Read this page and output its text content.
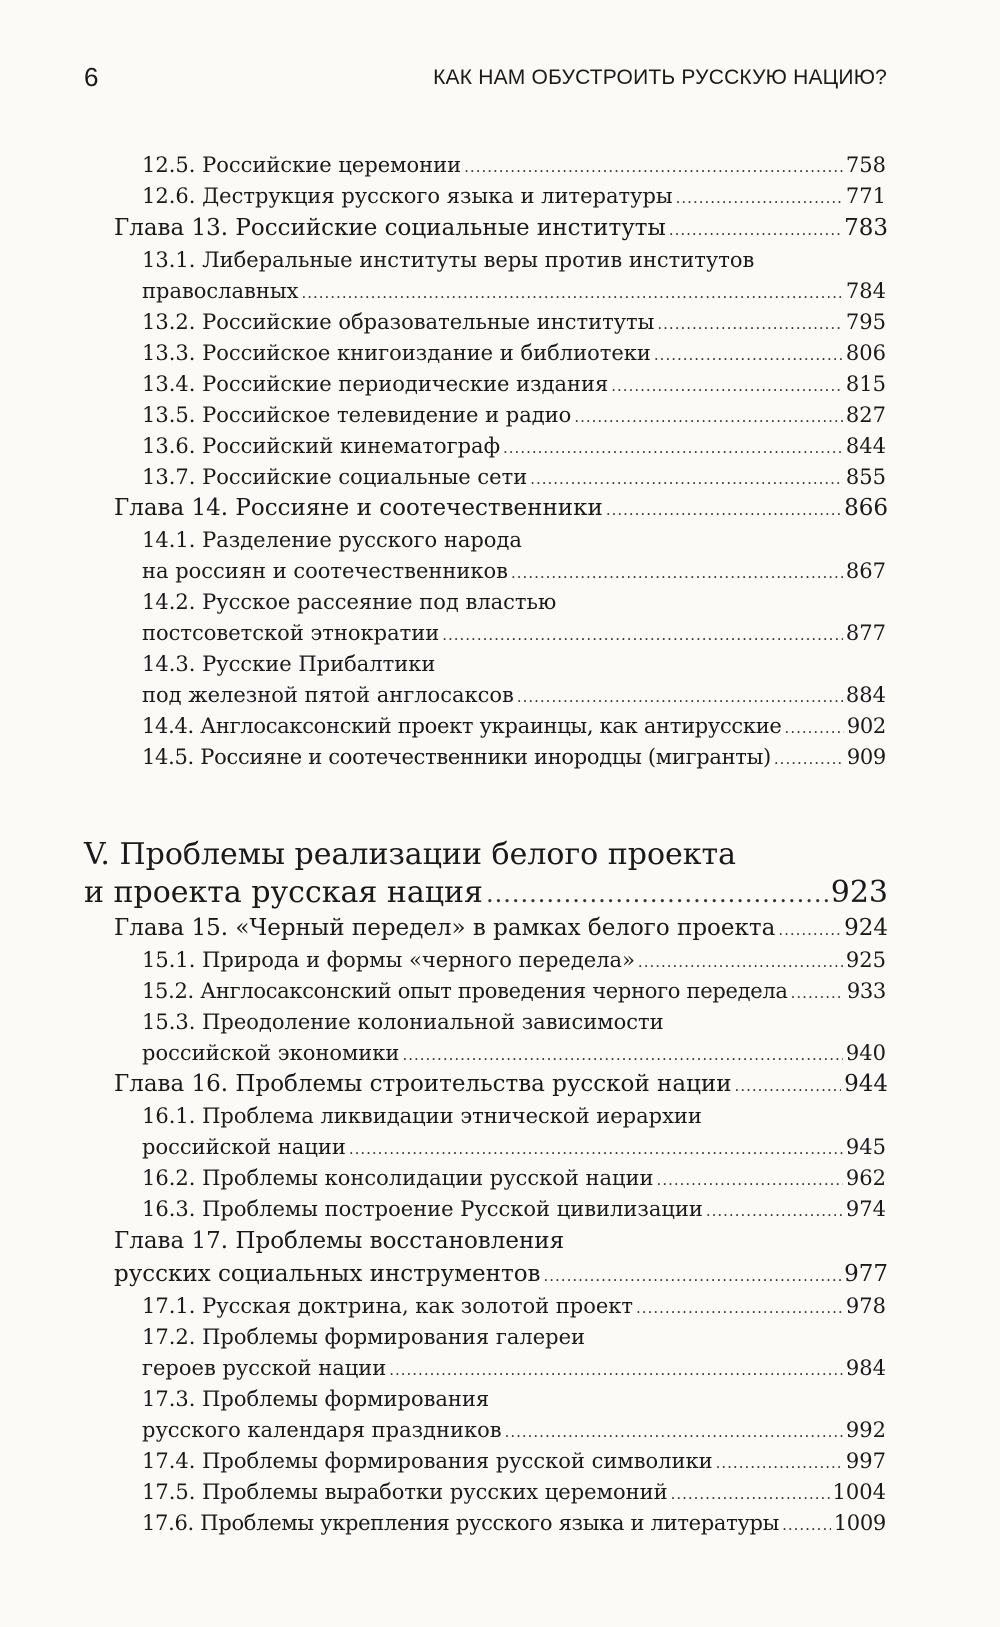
6	КАК НАМ ОБУСТРОИТЬ РУССКУЮ НАЦИЮ?
12.5. Российские церемонии .....	758
12.6. Деструкция русского языка и литературы .....	771
Глава 13. Российские социальные институты .....	783
13.1. Либеральные институты веры против институтов
православных .....	784
13.2. Российские образовательные институты .....	795
13.3. Российское книгоиздание и библиотеки .....	806
13.4. Российские периодические издания .....	815
13.5. Российское телевидение и радио .....	827
13.6. Российский кинематограф .....	844
13.7. Российские социальные сети .....	855
Глава 14. Россияне и соотечественники .....	866
14.1. Разделение русского народа
на россиян и соотечественников .....	867
14.2. Русское рассеяние под властью
постсоветской этнократии .....	877
14.3. Русские Прибалтики
под железной пятой англосаксов .....	884
14.4. Англосаксонский проект украинцы, как антирусские .....	902
14.5. Россияне и соотечественники инородцы (мигранты) .....	909
V. Проблемы реализации белого проекта
и проекта русская нация .....	923
Глава 15. «Черный передел» в рамках белого проекта .....	924
15.1. Природа и формы «черного передела» .....	925
15.2. Англосаксонский опыт проведения черного передела .....	933
15.3. Преодоление колониальной зависимости
российской экономики .....	940
Глава 16. Проблемы строительства русской нации .....	944
16.1. Проблема ликвидации этнической иерархии
российской нации .....	945
16.2. Проблемы консолидации русской нации .....	962
16.3. Проблемы построение Русской цивилизации .....	974
Глава 17. Проблемы восстановления
русских социальных инструментов .....	977
17.1. Русская доктрина, как золотой проект .....	978
17.2. Проблемы формирования галереи
героев русской нации .....	984
17.3. Проблемы формирования
русского календаря праздников .....	992
17.4. Проблемы формирования русской символики .....	997
17.5. Проблемы выработки русских церемоний .....	1004
17.6. Проблемы укрепления русского языка и литературы .....	1009
